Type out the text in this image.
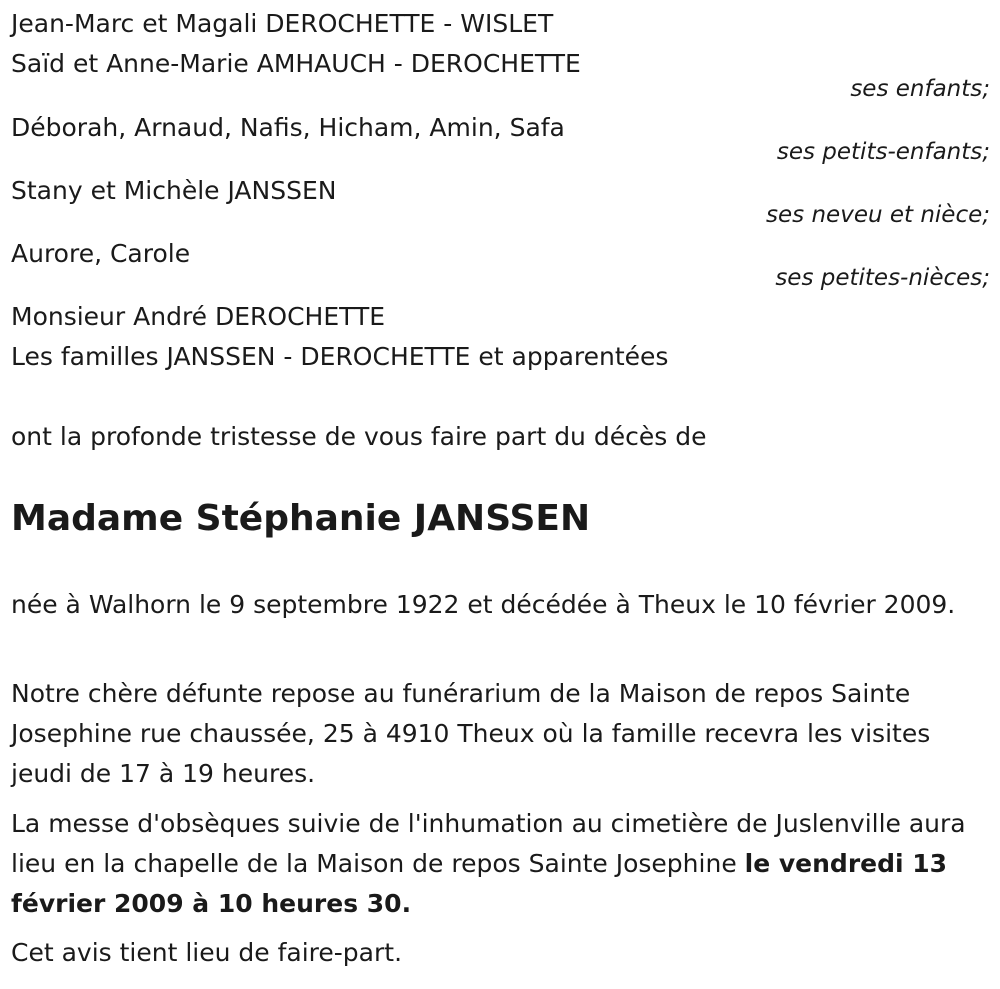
Jean-Marc et Magali DEROCHETTE - WISLET

Saïd et Anne-Marie AMHAUCH - DEROCHETTE

ses enfants;

Déborah, Arnaud, Nafis, Hicham, Amin, Safa

ses petits-enfants;

Stany et Michèle JANSSEN

ses neveu et nièce;

Aurore, Carole

ses petites-nièces;

Monsieur André DEROCHETTE

Les familles JANSSEN - DEROCHETTE et apparentées

ont la profonde tristesse de vous faire part du décès de

Madame Stéphanie JANSSEN

née à Walhorn le 9 septembre 1922 et décédée à Theux le 10 février 2009.

Notre chère défunte repose au funérarium de la Maison de repos Sainte Josephine rue chaussée, 25 à 4910 Theux où la famille recevra les visites jeudi de 17 à 19 heures.

La messe d'obsèques suivie de l'inhumation au cimetière de Juslenville aura lieu en la chapelle de la Maison de repos Sainte Josephine le vendredi 13 février 2009 à 10 heures 30.

Cet avis tient lieu de faire-part.
